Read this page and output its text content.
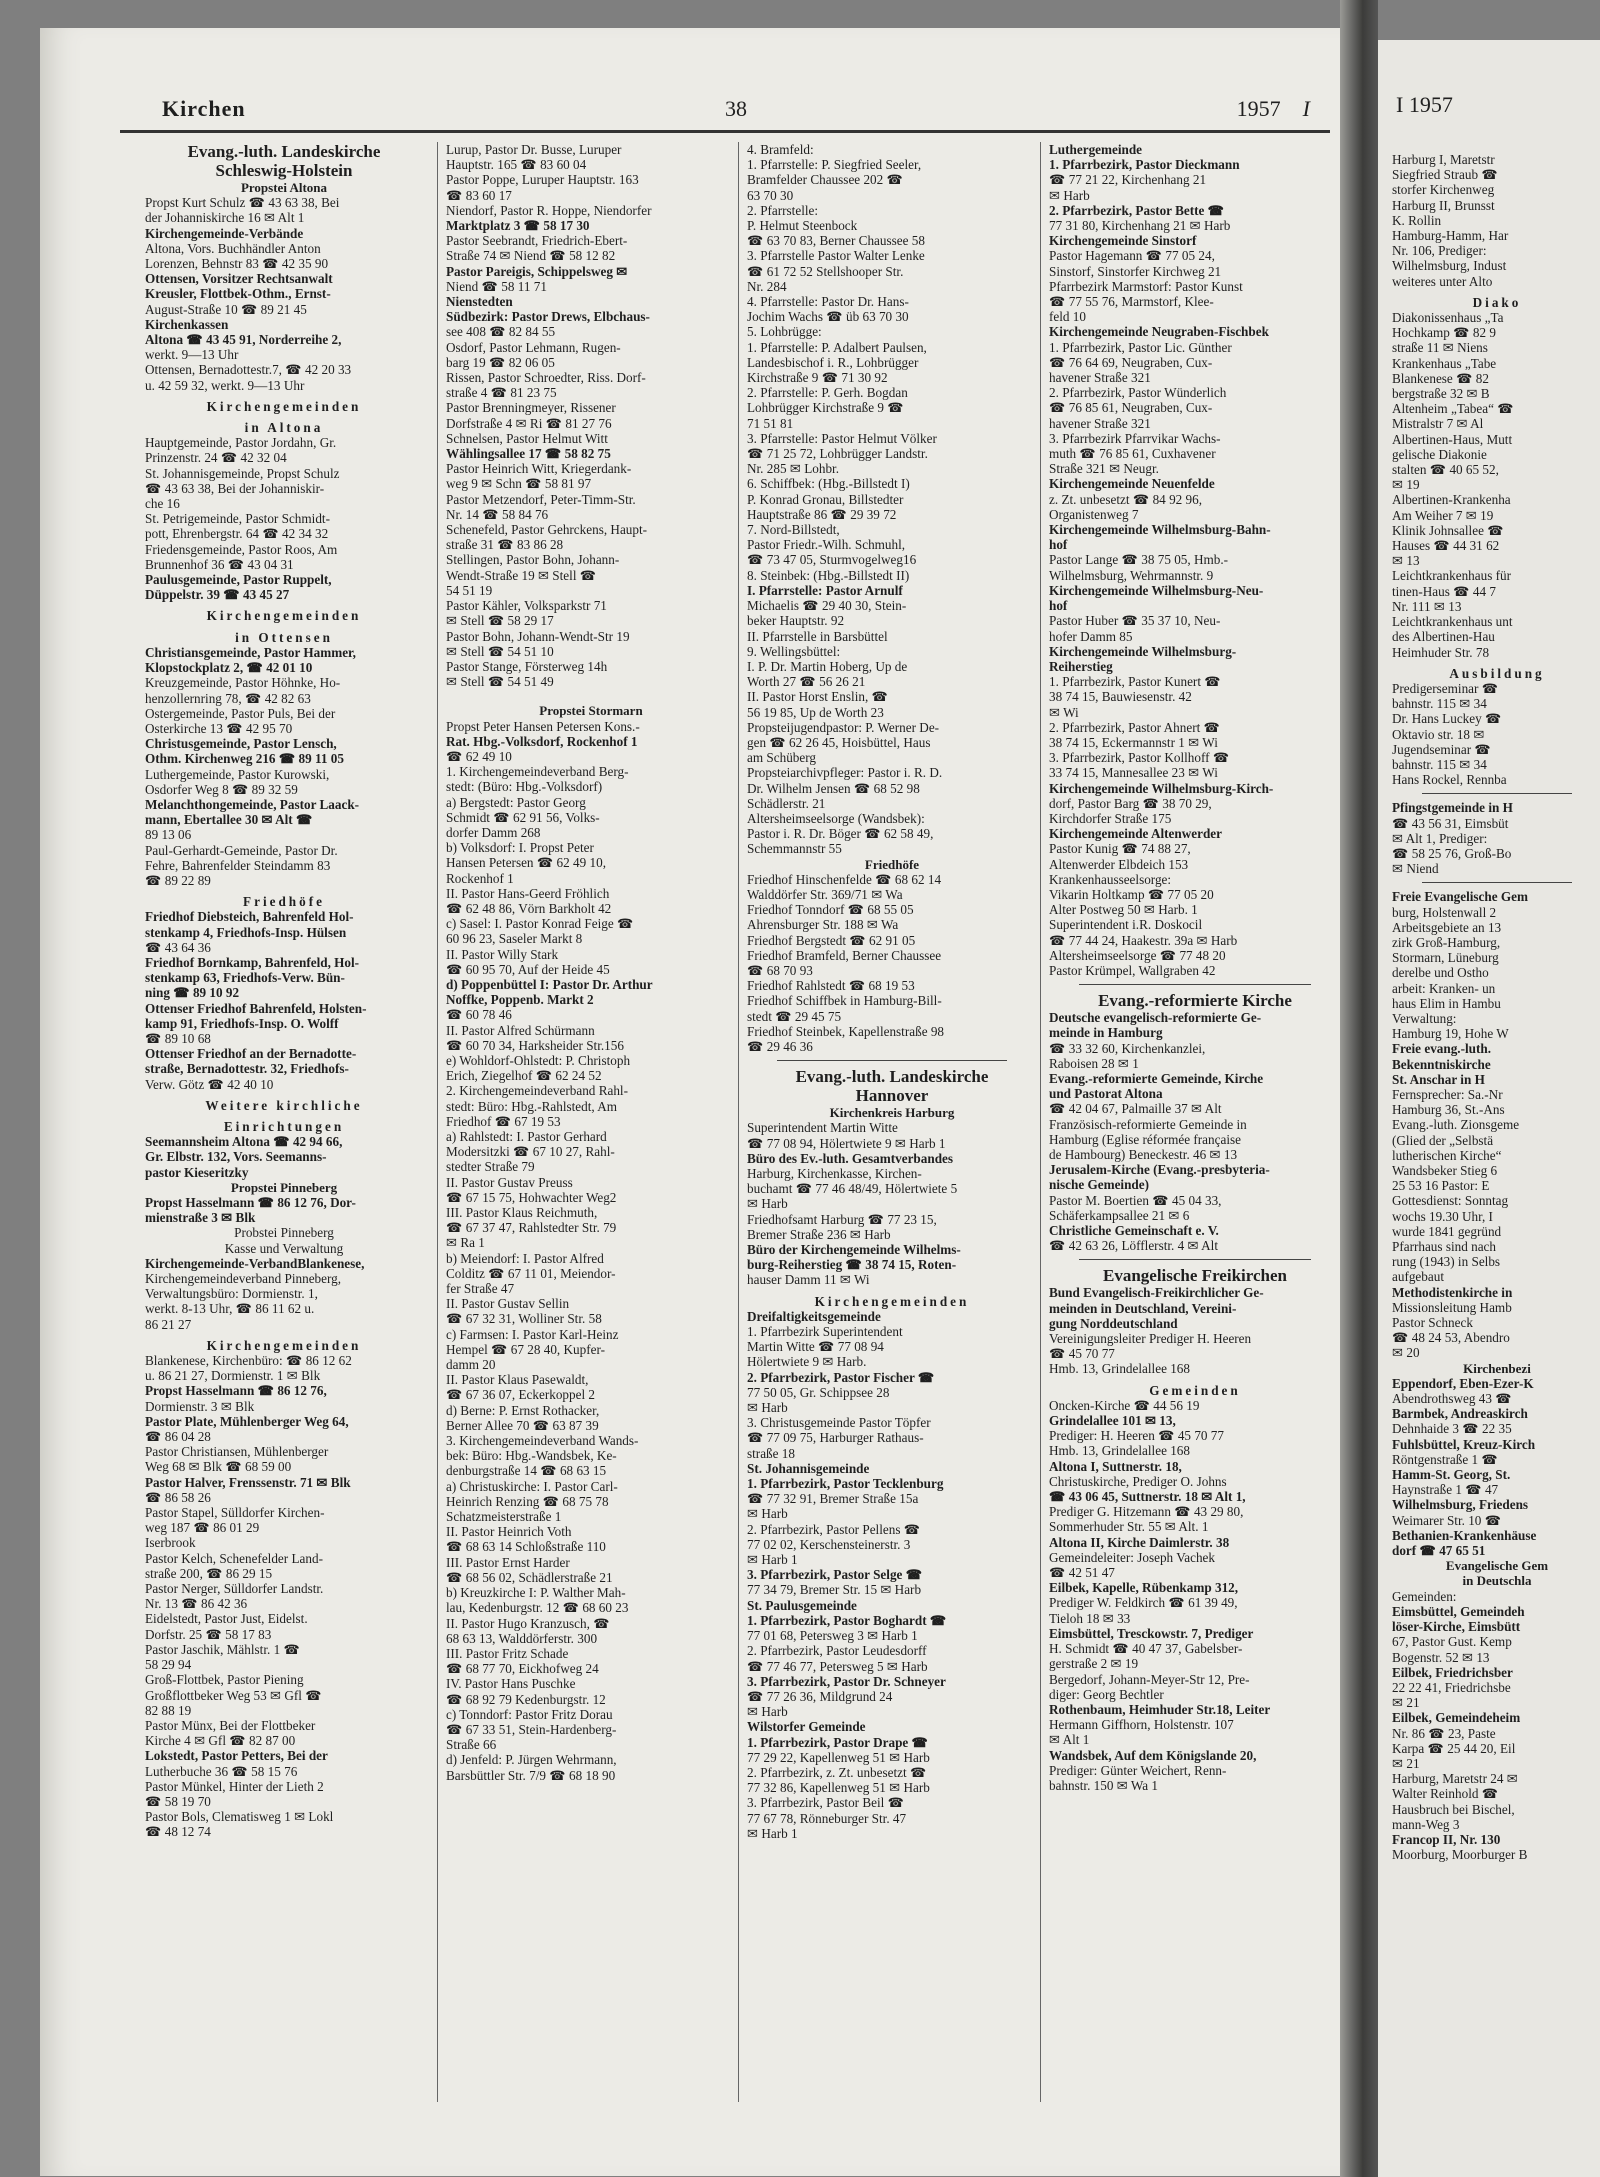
I 1957
Harburg I, Maretstr
Siegfried Straub ☎
storfer Kirchenweg
Harburg II, Brunsst
K. Rollin
Hamburg-Hamm, Har
Nr. 106, Prediger:
Wilhelmsburg, Indust
weiteres unter Alto
Diako
Diakonissenhaus „Ta
Hochkamp ☎ 82 9
straße 11 ✉ Niens
Krankenhaus „Tabe
Blankenese ☎ 82
bergstraße 32 ✉ B
Altenheim „Tabea“ ☎
Mistralstr 7 ✉ Al
Albertinen-Haus, Mutt
gelische Diakonie
stalten ☎ 40 65 52,
✉ 19
Albertinen-Krankenha
Am Weiher 7 ✉ 19
Klinik Johnsallee ☎
Hauses ☎ 44 31 62
✉ 13
Leichtkrankenhaus für
tinen-Haus ☎ 44 7
Nr. 111 ✉ 13
Leichtkrankenhaus unt
des Albertinen-Hau
Heimhuder Str. 78
Ausbildung
Predigerseminar ☎
bahnstr. 115 ✉ 34
Dr. Hans Luckey ☎
Oktavio str. 18 ✉
Jugendseminar ☎
bahnstr. 115 ✉ 34
Hans Rockel, Rennba
Pfingstgemeinde in H
☎ 43 56 31, Eimsbüt
✉ Alt 1, Prediger:
☎ 58 25 76, Groß-Bo
✉ Niend
Freie Evangelische Gem
burg, Holstenwall 2
Arbeitsgebiete an 13
zirk Groß-Hamburg,
Stormarn, Lüneburg
derelbe und Ostho
arbeit: Kranken- un
haus Elim in Hambu
Verwaltung:
Hamburg 19, Hohe W
Freie evang.-luth.
Bekenntniskirche
St. Anschar in H
Fernsprecher: Sa.-Nr
Hamburg 36, St.-Ans
Evang.-luth. Zionsgeme
(Glied der „Selbstä
lutherischen Kirche“
Wandsbeker Stieg 6
25 53 16 Pastor: E
Gottesdienst: Sonntag
wochs 19.30 Uhr, I
wurde 1841 gegründ
Pfarrhaus sind nach
rung (1943) in Selbs
aufgebaut
Methodistenkirche in
Missionsleitung Hamb
Pastor Schneck
☎ 48 24 53, Abendro
✉ 20
Kirchenbezi
Eppendorf, Eben-Ezer-K
Abendrothsweg 43 ☎
Barmbek, Andreaskirch
Dehnhaide 3 ☎ 22 35
Fuhlsbüttel, Kreuz-Kirch
Röntgenstraße 1 ☎
Hamm-St. Georg, St.
Haynstraße 1 ☎ 47
Wilhelmsburg, Friedens
Weimarer Str. 10 ☎
Bethanien-Krankenhäuse
dorf ☎ 47 65 51
Evangelische Gem
in Deutschla
Gemeinden:
Eimsbüttel, Gemeindeh
löser-Kirche, Eimsbütt
67, Pastor Gust. Kemp
Bogenstr. 52 ✉ 13
Eilbek, Friedrichsber
22 22 41, Friedrichsbe
✉ 21
Eilbek, Gemeindeheim
Nr. 86 ☎ 23, Paste
Karpa ☎ 25 44 20, Eil
✉ 21
Harburg, Maretstr 24 ✉
Walter Reinhold ☎
Hausbruch bei Bischel,
mann-Weg 3
Francop II, Nr. 130
Moorburg, Moorburger B
Kirchen	38	1957 I
Evang.-luth. Landeskirche
Schleswig-Holstein
Propstei Altona
Propst Kurt Schulz ☎ 43 63 38, Bei
der Johanniskirche 16 ✉ Alt 1
Kirchengemeinde-Verbände
Altona, Vors. Buchhändler Anton
Lorenzen, Behnstr 83 ☎ 42 35 90
Ottensen, Vorsitzer Rechtsanwalt
Kreusler, Flottbek-Othm., Ernst-
August-Straße 10 ☎ 89 21 45
Kirchenkassen
Altona ☎ 43 45 91, Norderreihe 2,
werkt. 9—13 Uhr
Ottensen, Bernadottestr.7, ☎ 42 20 33
u. 42 59 32, werkt. 9—13 Uhr
Kirchengemeinden
in Altona
Hauptgemeinde, Pastor Jordahn, Gr.
Prinzenstr. 24 ☎ 42 32 04
St. Johannisgemeinde, Propst Schulz
☎ 43 63 38, Bei der Johanniskir-
che 16
St. Petrigemeinde, Pastor Schmidt-
pott, Ehrenbergstr. 64 ☎ 42 34 32
Friedensgemeinde, Pastor Roos, Am
Brunnenhof 36 ☎ 43 04 31
Paulusgemeinde, Pastor Ruppelt,
Düppelstr. 39 ☎ 43 45 27
Kirchengemeinden
in Ottensen
Christiansgemeinde, Pastor Hammer,
Klopstockplatz 2, ☎ 42 01 10
Kreuzgemeinde, Pastor Höhnke, Ho-
henzollernring 78, ☎ 42 82 63
Ostergemeinde, Pastor Puls, Bei der
Osterkirche 13 ☎ 42 95 70
Christusgemeinde, Pastor Lensch,
Othm. Kirchenweg 216 ☎ 89 11 05
Luthergemeinde, Pastor Kurowski,
Osdorfer Weg 8 ☎ 89 32 59
Melanchthongemeinde, Pastor Laack-
mann, Ebertallee 30 ✉ Alt ☎
89 13 06
Paul-Gerhardt-Gemeinde, Pastor Dr.
Fehre, Bahrenfelder Steindamm 83
☎ 89 22 89
Friedhöfe
Friedhof Diebsteich, Bahrenfeld Hol-
stenkamp 4, Friedhofs-Insp. Hülsen
☎ 43 64 36
Friedhof Bornkamp, Bahrenfeld, Hol-
stenkamp 63, Friedhofs-Verw. Bün-
ning ☎ 89 10 92
Ottenser Friedhof Bahrenfeld, Holsten-
kamp 91, Friedhofs-Insp. O. Wolff
☎ 89 10 68
Ottenser Friedhof an der Bernadotte-
straße, Bernadottestr. 32, Friedhofs-
Verw. Götz ☎ 42 40 10
Weitere kirchliche
Einrichtungen
Seemannsheim Altona ☎ 42 94 66,
Gr. Elbstr. 132, Vors. Seemanns-
pastor Kieseritzky
Propstei Pinneberg
Propst Hasselmann ☎ 86 12 76, Dor-
mienstraße 3 ✉ Blk
Probstei Pinneberg
Kasse und Verwaltung
Kirchengemeinde-VerbandBlankenese,
Kirchengemeindeverband Pinneberg,
Verwaltungsbüro: Dormienstr. 1,
werkt. 8-13 Uhr, ☎ 86 11 62 u.
86 21 27
Kirchengemeinden
Blankenese, Kirchenbüro: ☎ 86 12 62
u. 86 21 27, Dormienstr. 1 ✉ Blk
Propst Hasselmann ☎ 86 12 76,
Dormienstr. 3 ✉ Blk
Pastor Plate, Mühlenberger Weg 64,
☎ 86 04 28
Pastor Christiansen, Mühlenberger
Weg 68 ✉ Blk ☎ 68 59 00
Pastor Halver, Frenssenstr. 71 ✉ Blk
☎ 86 58 26
Pastor Stapel, Sülldorfer Kirchen-
weg 187 ☎ 86 01 29
Iserbrook
Pastor Kelch, Schenefelder Land-
straße 200, ☎ 86 29 15
Pastor Nerger, Sülldorfer Landstr.
Nr. 13 ☎ 86 42 36
Eidelstedt, Pastor Just, Eidelst.
Dorfstr. 25 ☎ 58 17 83
Pastor Jaschik, Mählstr. 1 ☎
58 29 94
Groß-Flottbek, Pastor Piening
Großflottbeker Weg 53 ✉ Gfl ☎
82 88 19
Pastor Münx, Bei der Flottbeker
Kirche 4 ✉ Gfl ☎ 82 87 00
Lokstedt, Pastor Petters, Bei der
Lutherbuche 36 ☎ 58 15 76
Pastor Münkel, Hinter der Lieth 2
☎ 58 19 70
Pastor Bols, Clematisweg 1 ✉ Lokl
☎ 48 12 74
Lurup, Pastor Dr. Busse, Luruper
Hauptstr. 165 ☎ 83 60 04
Pastor Poppe, Luruper Hauptstr. 163
☎ 83 60 17
Niendorf, Pastor R. Hoppe, Niendorfer
Marktplatz 3 ☎ 58 17 30
Pastor Seebrandt, Friedrich-Ebert-
Straße 74 ✉ Niend ☎ 58 12 82
Pastor Pareigis, Schippelsweg ✉
Niend ☎ 58 11 71
Nienstedten
Südbezirk: Pastor Drews, Elbchaus-
see 408 ☎ 82 84 55
Osdorf, Pastor Lehmann, Rugen-
barg 19 ☎ 82 06 05
Rissen, Pastor Schroedter, Riss. Dorf-
straße 4 ☎ 81 23 75
Pastor Brenningmeyer, Rissener
Dorfstraße 4 ✉ Ri ☎ 81 27 76
Schnelsen, Pastor Helmut Witt
Wählingsallee 17 ☎ 58 82 75
Pastor Heinrich Witt, Kriegerdank-
weg 9 ✉ Schn ☎ 58 81 97
Pastor Metzendorf, Peter-Timm-Str.
Nr. 14 ☎ 58 84 76
Schenefeld, Pastor Gehrckens, Haupt-
straße 31 ☎ 83 86 28
Stellingen, Pastor Bohn, Johann-
Wendt-Straße 19 ✉ Stell ☎
54 51 19
Pastor Kähler, Volksparkstr 71
✉ Stell ☎ 58 29 17
Pastor Bohn, Johann-Wendt-Str 19
✉ Stell ☎ 54 51 10
Pastor Stange, Försterweg 14h
✉ Stell ☎ 54 51 49
Propstei Stormarn
Propst Peter Hansen Petersen Kons.-
Rat. Hbg.-Volksdorf, Rockenhof 1
☎ 62 49 10
1. Kirchengemeindeverband Berg-
stedt: (Büro: Hbg.-Volksdorf)
a) Bergstedt: Pastor Georg
Schmidt ☎ 62 91 56, Volks-
dorfer Damm 268
b) Volksdorf: I. Propst Peter
Hansen Petersen ☎ 62 49 10,
Rockenhof 1
II. Pastor Hans-Geerd Fröhlich
☎ 62 48 86, Vörn Barkholt 42
c) Sasel: I. Pastor Konrad Feige ☎
60 96 23, Saseler Markt 8
II. Pastor Willy Stark
☎ 60 95 70, Auf der Heide 45
d) Poppenbüttel I: Pastor Dr. Arthur
Noffke, Poppenb. Markt 2
☎ 60 78 46
II. Pastor Alfred Schürmann
☎ 60 70 34, Harksheider Str.156
e) Wohldorf-Ohlstedt: P. Christoph
Erich, Ziegelhof ☎ 62 24 52
2. Kirchengemeindeverband Rahl-
stedt: Büro: Hbg.-Rahlstedt, Am
Friedhof ☎ 67 19 53
a) Rahlstedt: I. Pastor Gerhard
Modersitzki ☎ 67 10 27, Rahl-
stedter Straße 79
II. Pastor Gustav Preuss
☎ 67 15 75, Hohwachter Weg2
III. Pastor Klaus Reichmuth,
☎ 67 37 47, Rahlstedter Str. 79
✉ Ra 1
b) Meiendorf: I. Pastor Alfred
Colditz ☎ 67 11 01, Meiendor-
fer Straße 47
II. Pastor Gustav Sellin
☎ 67 32 31, Wolliner Str. 58
c) Farmsen: I. Pastor Karl-Heinz
Hempel ☎ 67 28 40, Kupfer-
damm 20
II. Pastor Klaus Pasewaldt,
☎ 67 36 07, Eckerkoppel 2
d) Berne: P. Ernst Rothacker,
Berner Allee 70 ☎ 63 87 39
3. Kirchengemeindeverband Wands-
bek: Büro: Hbg.-Wandsbek, Ke-
denburgstraße 14 ☎ 68 63 15
a) Christuskirche: I. Pastor Carl-
Heinrich Renzing ☎ 68 75 78
Schatzmeisterstraße 1
II. Pastor Heinrich Voth
☎ 68 63 14 Schloßstraße 110
III. Pastor Ernst Harder
☎ 68 56 02, Schädlerstraße 21
b) Kreuzkirche I: P. Walther Mah-
lau, Kedenburgstr. 12 ☎ 68 60 23
II. Pastor Hugo Kranzusch, ☎
68 63 13, Walddörferstr. 300
III. Pastor Fritz Schade
☎ 68 77 70, Eickhofweg 24
IV. Pastor Hans Puschke
☎ 68 92 79 Kedenburgstr. 12
c) Tonndorf: Pastor Fritz Dorau
☎ 67 33 51, Stein-Hardenberg-
Straße 66
d) Jenfeld: P. Jürgen Wehrmann,
Barsbüttler Str. 7/9 ☎ 68 18 90
4. Bramfeld:
1. Pfarrstelle: P. Siegfried Seeler,
Bramfelder Chaussee 202 ☎
63 70 30
2. Pfarrstelle:
P. Helmut Steenbock
☎ 63 70 83, Berner Chaussee 58
3. Pfarrstelle Pastor Walter Lenke
☎ 61 72 52 Stellshooper Str.
Nr. 284
4. Pfarrstelle: Pastor Dr. Hans-
Jochim Wachs ☎ üb 63 70 30
5. Lohbrügge:
1. Pfarrstelle: P. Adalbert Paulsen,
Landesbischof i. R., Lohbrügger
Kirchstraße 9 ☎ 71 30 92
2. Pfarrstelle: P. Gerh. Bogdan
Lohbrügger Kirchstraße 9 ☎
71 51 81
3. Pfarrstelle: Pastor Helmut Völker
☎ 71 25 72, Lohbrügger Landstr.
Nr. 285 ✉ Lohbr.
6. Schiffbek: (Hbg.-Billstedt I)
P. Konrad Gronau, Billstedter
Hauptstraße 86 ☎ 29 39 72
7. Nord-Billstedt,
Pastor Friedr.-Wilh. Schmuhl,
☎ 73 47 05, Sturmvogelweg16
8. Steinbek: (Hbg.-Billstedt II)
I. Pfarrstelle: Pastor Arnulf
Michaelis ☎ 29 40 30, Stein-
beker Hauptstr. 92
II. Pfarrstelle in Barsbüttel
9. Wellingsbüttel:
I. P. Dr. Martin Hoberg, Up de
Worth 27 ☎ 56 26 21
II. Pastor Horst Enslin, ☎
56 19 85, Up de Worth 23
Propsteijugendpastor: P. Werner De-
gen ☎ 62 26 45, Hoisbüttel, Haus
am Schüberg
Propsteiarchivpfleger: Pastor i. R. D.
Dr. Wilhelm Jensen ☎ 68 52 98
Schädlerstr. 21
Altersheimseelsorge (Wandsbek):
Pastor i. R. Dr. Böger ☎ 62 58 49,
Schemmannstr 55
Friedhöfe
Friedhof Hinschenfelde ☎ 68 62 14
Walddörfer Str. 369/71 ✉ Wa
Friedhof Tonndorf ☎ 68 55 05
Ahrensburger Str. 188 ✉ Wa
Friedhof Bergstedt ☎ 62 91 05
Friedhof Bramfeld, Berner Chaussee
☎ 68 70 93
Friedhof Rahlstedt ☎ 68 19 53
Friedhof Schiffbek in Hamburg-Bill-
stedt ☎ 29 45 75
Friedhof Steinbek, Kapellenstraße 98
☎ 29 46 36
Evang.-luth. Landeskirche
Hannover
Kirchenkreis Harburg
Superintendent Martin Witte
☎ 77 08 94, Hölertwiete 9 ✉ Harb 1
Büro des Ev.-luth. Gesamtverbandes
Harburg, Kirchenkasse, Kirchen-
buchamt ☎ 77 46 48/49, Hölertwiete 5
✉ Harb
Friedhofsamt Harburg ☎ 77 23 15,
Bremer Straße 236 ✉ Harb
Büro der Kirchengemeinde Wilhelms-
burg-Reiherstieg ☎ 38 74 15, Roten-
hauser Damm 11 ✉ Wi
Kirchengemeinden
Dreifaltigkeitsgemeinde
1. Pfarrbezirk Superintendent
Martin Witte ☎ 77 08 94
Hölertwiete 9 ✉ Harb.
2. Pfarrbezirk, Pastor Fischer ☎
77 50 05, Gr. Schippsee 28
✉ Harb
3. Christusgemeinde Pastor Töpfer
☎ 77 09 75, Harburger Rathaus-
straße 18
St. Johannisgemeinde
1. Pfarrbezirk, Pastor Tecklenburg
☎ 77 32 91, Bremer Straße 15a
✉ Harb
2. Pfarrbezirk, Pastor Pellens ☎
77 02 02, Kerschensteinerstr. 3
✉ Harb 1
3. Pfarrbezirk, Pastor Selge ☎
77 34 79, Bremer Str. 15 ✉ Harb
St. Paulusgemeinde
1. Pfarrbezirk, Pastor Boghardt ☎
77 01 68, Petersweg 3 ✉ Harb 1
2. Pfarrbezirk, Pastor Leudesdorff
☎ 77 46 77, Petersweg 5 ✉ Harb
3. Pfarrbezirk, Pastor Dr. Schneyer
☎ 77 26 36, Mildgrund 24
✉ Harb
Wilstorfer Gemeinde
1. Pfarrbezirk, Pastor Drape ☎
77 29 22, Kapellenweg 51 ✉ Harb
2. Pfarrbezirk, z. Zt. unbesetzt ☎
77 32 86, Kapellenweg 51 ✉ Harb
3. Pfarrbezirk, Pastor Beil ☎
77 67 78, Rönneburger Str. 47
✉ Harb 1
Luthergemeinde
1. Pfarrbezirk, Pastor Dieckmann
☎ 77 21 22, Kirchenhang 21
✉ Harb
2. Pfarrbezirk, Pastor Bette ☎
77 31 80, Kirchenhang 21 ✉ Harb
Kirchengemeinde Sinstorf
Pastor Hagemann ☎ 77 05 24,
Sinstorf, Sinstorfer Kirchweg 21
Pfarrbezirk Marmstorf: Pastor Kunst
☎ 77 55 76, Marmstorf, Klee-
feld 10
Kirchengemeinde Neugraben-Fischbek
1. Pfarrbezirk, Pastor Lic. Günther
☎ 76 64 69, Neugraben, Cux-
havener Straße 321
2. Pfarrbezirk, Pastor Wünderlich
☎ 76 85 61, Neugraben, Cux-
havener Straße 321
3. Pfarrbezirk Pfarrvikar Wachs-
muth ☎ 76 85 61, Cuxhavener
Straße 321 ✉ Neugr.
Kirchengemeinde Neuenfelde
z. Zt. unbesetzt ☎ 84 92 96,
Organistenweg 7
Kirchengemeinde Wilhelmsburg-Bahn-
hof
Pastor Lange ☎ 38 75 05, Hmb.-
Wilhelmsburg, Wehrmannstr. 9
Kirchengemeinde Wilhelmsburg-Neu-
hof
Pastor Huber ☎ 35 37 10, Neu-
hofer Damm 85
Kirchengemeinde Wilhelmsburg-
Reiherstieg
1. Pfarrbezirk, Pastor Kunert ☎
38 74 15, Bauwiesenstr. 42
✉ Wi
2. Pfarrbezirk, Pastor Ahnert ☎
38 74 15, Eckermannstr 1 ✉ Wi
3. Pfarrbezirk, Pastor Kollhoff ☎
33 74 15, Mannesallee 23 ✉ Wi
Kirchengemeinde Wilhelmsburg-Kirch-
dorf, Pastor Barg ☎ 38 70 29,
Kirchdorfer Straße 175
Kirchengemeinde Altenwerder
Pastor Kunig ☎ 74 88 27,
Altenwerder Elbdeich 153
Krankenhausseelsorge:
Vikarin Holtkamp ☎ 77 05 20
Alter Postweg 50 ✉ Harb. 1
Superintendent i.R. Doskocil
☎ 77 44 24, Haakestr. 39a ✉ Harb
Altersheimseelsorge ☎ 77 48 20
Pastor Krümpel, Wallgraben 42
Evang.-reformierte Kirche
Deutsche evangelisch-reformierte Ge-
meinde in Hamburg
☎ 33 32 60, Kirchenkanzlei,
Raboisen 28 ✉ 1
Evang.-reformierte Gemeinde, Kirche
und Pastorat Altona
☎ 42 04 67, Palmaille 37 ✉ Alt
Französisch-reformierte Gemeinde in
Hamburg (Eglise réformée française
de Hambourg) Beneckestr. 46 ✉ 13
Jerusalem-Kirche (Evang.-presbyteria-
nische Gemeinde)
Pastor M. Boertien ☎ 45 04 33,
Schäferkampsallee 21 ✉ 6
Christliche Gemeinschaft e. V.
☎ 42 63 26, Löfflerstr. 4 ✉ Alt
Evangelische Freikirchen
Bund Evangelisch-Freikirchlicher Ge-
meinden in Deutschland, Vereini-
gung Norddeutschland
Vereinigungsleiter Prediger H. Heeren
☎ 45 70 77
Hmb. 13, Grindelallee 168
Gemeinden
Oncken-Kirche ☎ 44 56 19
Grindelallee 101 ✉ 13,
Prediger: H. Heeren ☎ 45 70 77
Hmb. 13, Grindelallee 168
Altona I, Suttnerstr. 18,
Christuskirche, Prediger O. Johns
☎ 43 06 45, Suttnerstr. 18 ✉ Alt 1,
Prediger G. Hitzemann ☎ 43 29 80,
Sommerhuder Str. 55 ✉ Alt. 1
Altona II, Kirche Daimlerstr. 38
Gemeindeleiter: Joseph Vachek
☎ 42 51 47
Eilbek, Kapelle, Rübenkamp 312,
Prediger W. Feldkirch ☎ 61 39 49,
Tieloh 18 ✉ 33
Eimsbüttel, Tresckowstr. 7, Prediger
H. Schmidt ☎ 40 47 37, Gabelsber-
gerstraße 2 ✉ 19
Bergedorf, Johann-Meyer-Str 12, Pre-
diger: Georg Bechtler
Rothenbaum, Heimhuder Str.18, Leiter
Hermann Giffhorn, Holstenstr. 107
✉ Alt 1
Wandsbek, Auf dem Königslande 20,
Prediger: Günter Weichert, Renn-
bahnstr. 150 ✉ Wa 1
